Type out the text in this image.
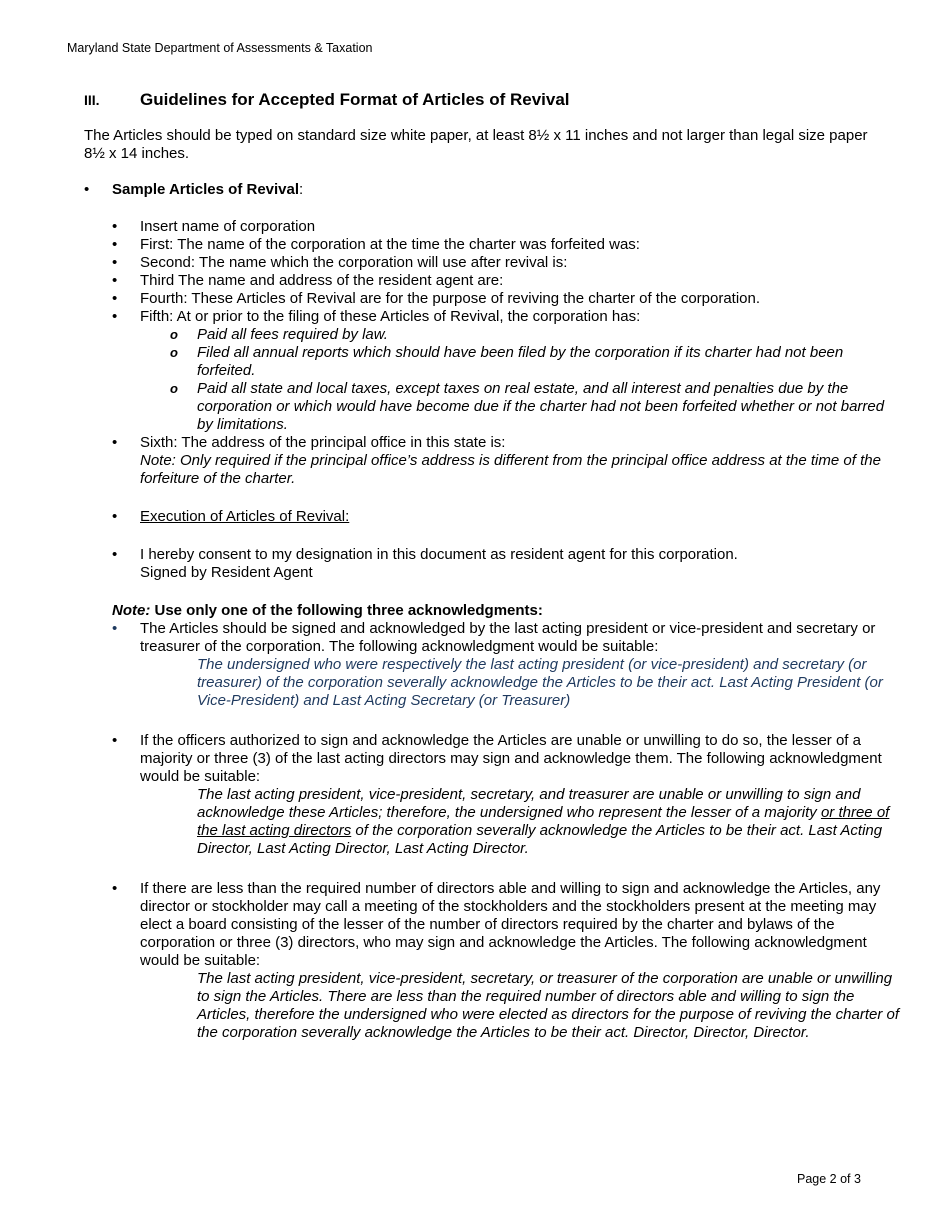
Maryland State Department of Assessments & Taxation
III. Guidelines for Accepted Format of Articles of Revival
The Articles should be typed on standard size white paper, at least 8½ x 11 inches and not larger than legal size paper 8½ x 14 inches.
•	Sample Articles of Revival:
• Insert name of corporation
• First: The name of the corporation at the time the charter was forfeited was:
• Second: The name which the corporation will use after revival is:
• Third The name and address of the resident agent are:
• Fourth: These Articles of Revival are for the purpose of reviving the charter of the corporation.
• Fifth: At or prior to the filing of these Articles of Revival, the corporation has:
o Paid all fees required by law.
o Filed all annual reports which should have been filed by the corporation if its charter had not been forfeited.
o Paid all state and local taxes, except taxes on real estate, and all interest and penalties due by the corporation or which would have become due if the charter had not been forfeited whether or not barred by limitations.
• Sixth: The address of the principal office in this state is:
Note: Only required if the principal office’s address is different from the principal office address at the time of the forfeiture of the charter.
• Execution of Articles of Revival:
• I hereby consent to my designation in this document as resident agent for this corporation.
Signed by Resident Agent
Note: Use only one of the following three acknowledgments:
• The Articles should be signed and acknowledged by the last acting president or vice-president and secretary or treasurer of the corporation. The following acknowledgment would be suitable:
The undersigned who were respectively the last acting president (or vice-president) and secretary (or treasurer) of the corporation severally acknowledge the Articles to be their act. Last Acting President (or Vice-President) and Last Acting Secretary (or Treasurer)
• If the officers authorized to sign and acknowledge the Articles are unable or unwilling to do so, the lesser of a majority or three (3) of the last acting directors may sign and acknowledge them. The following acknowledgment would be suitable:
The last acting president, vice-president, secretary, and treasurer are unable or unwilling to sign and acknowledge these Articles; therefore, the undersigned who represent the lesser of a majority or three of the last acting directors of the corporation severally acknowledge the Articles to be their act. Last Acting Director, Last Acting Director, Last Acting Director.
• If there are less than the required number of directors able and willing to sign and acknowledge the Articles, any director or stockholder may call a meeting of the stockholders and the stockholders present at the meeting may elect a board consisting of the lesser of the number of directors required by the charter and bylaws of the corporation or three (3) directors, who may sign and acknowledge the Articles. The following acknowledgment would be suitable:
The last acting president, vice-president, secretary, or treasurer of the corporation are unable or unwilling to sign the Articles. There are less than the required number of directors able and willing to sign the Articles, therefore the undersigned who were elected as directors for the purpose of reviving the charter of the corporation severally acknowledge the Articles to be their act. Director, Director, Director.
Page 2 of 3
